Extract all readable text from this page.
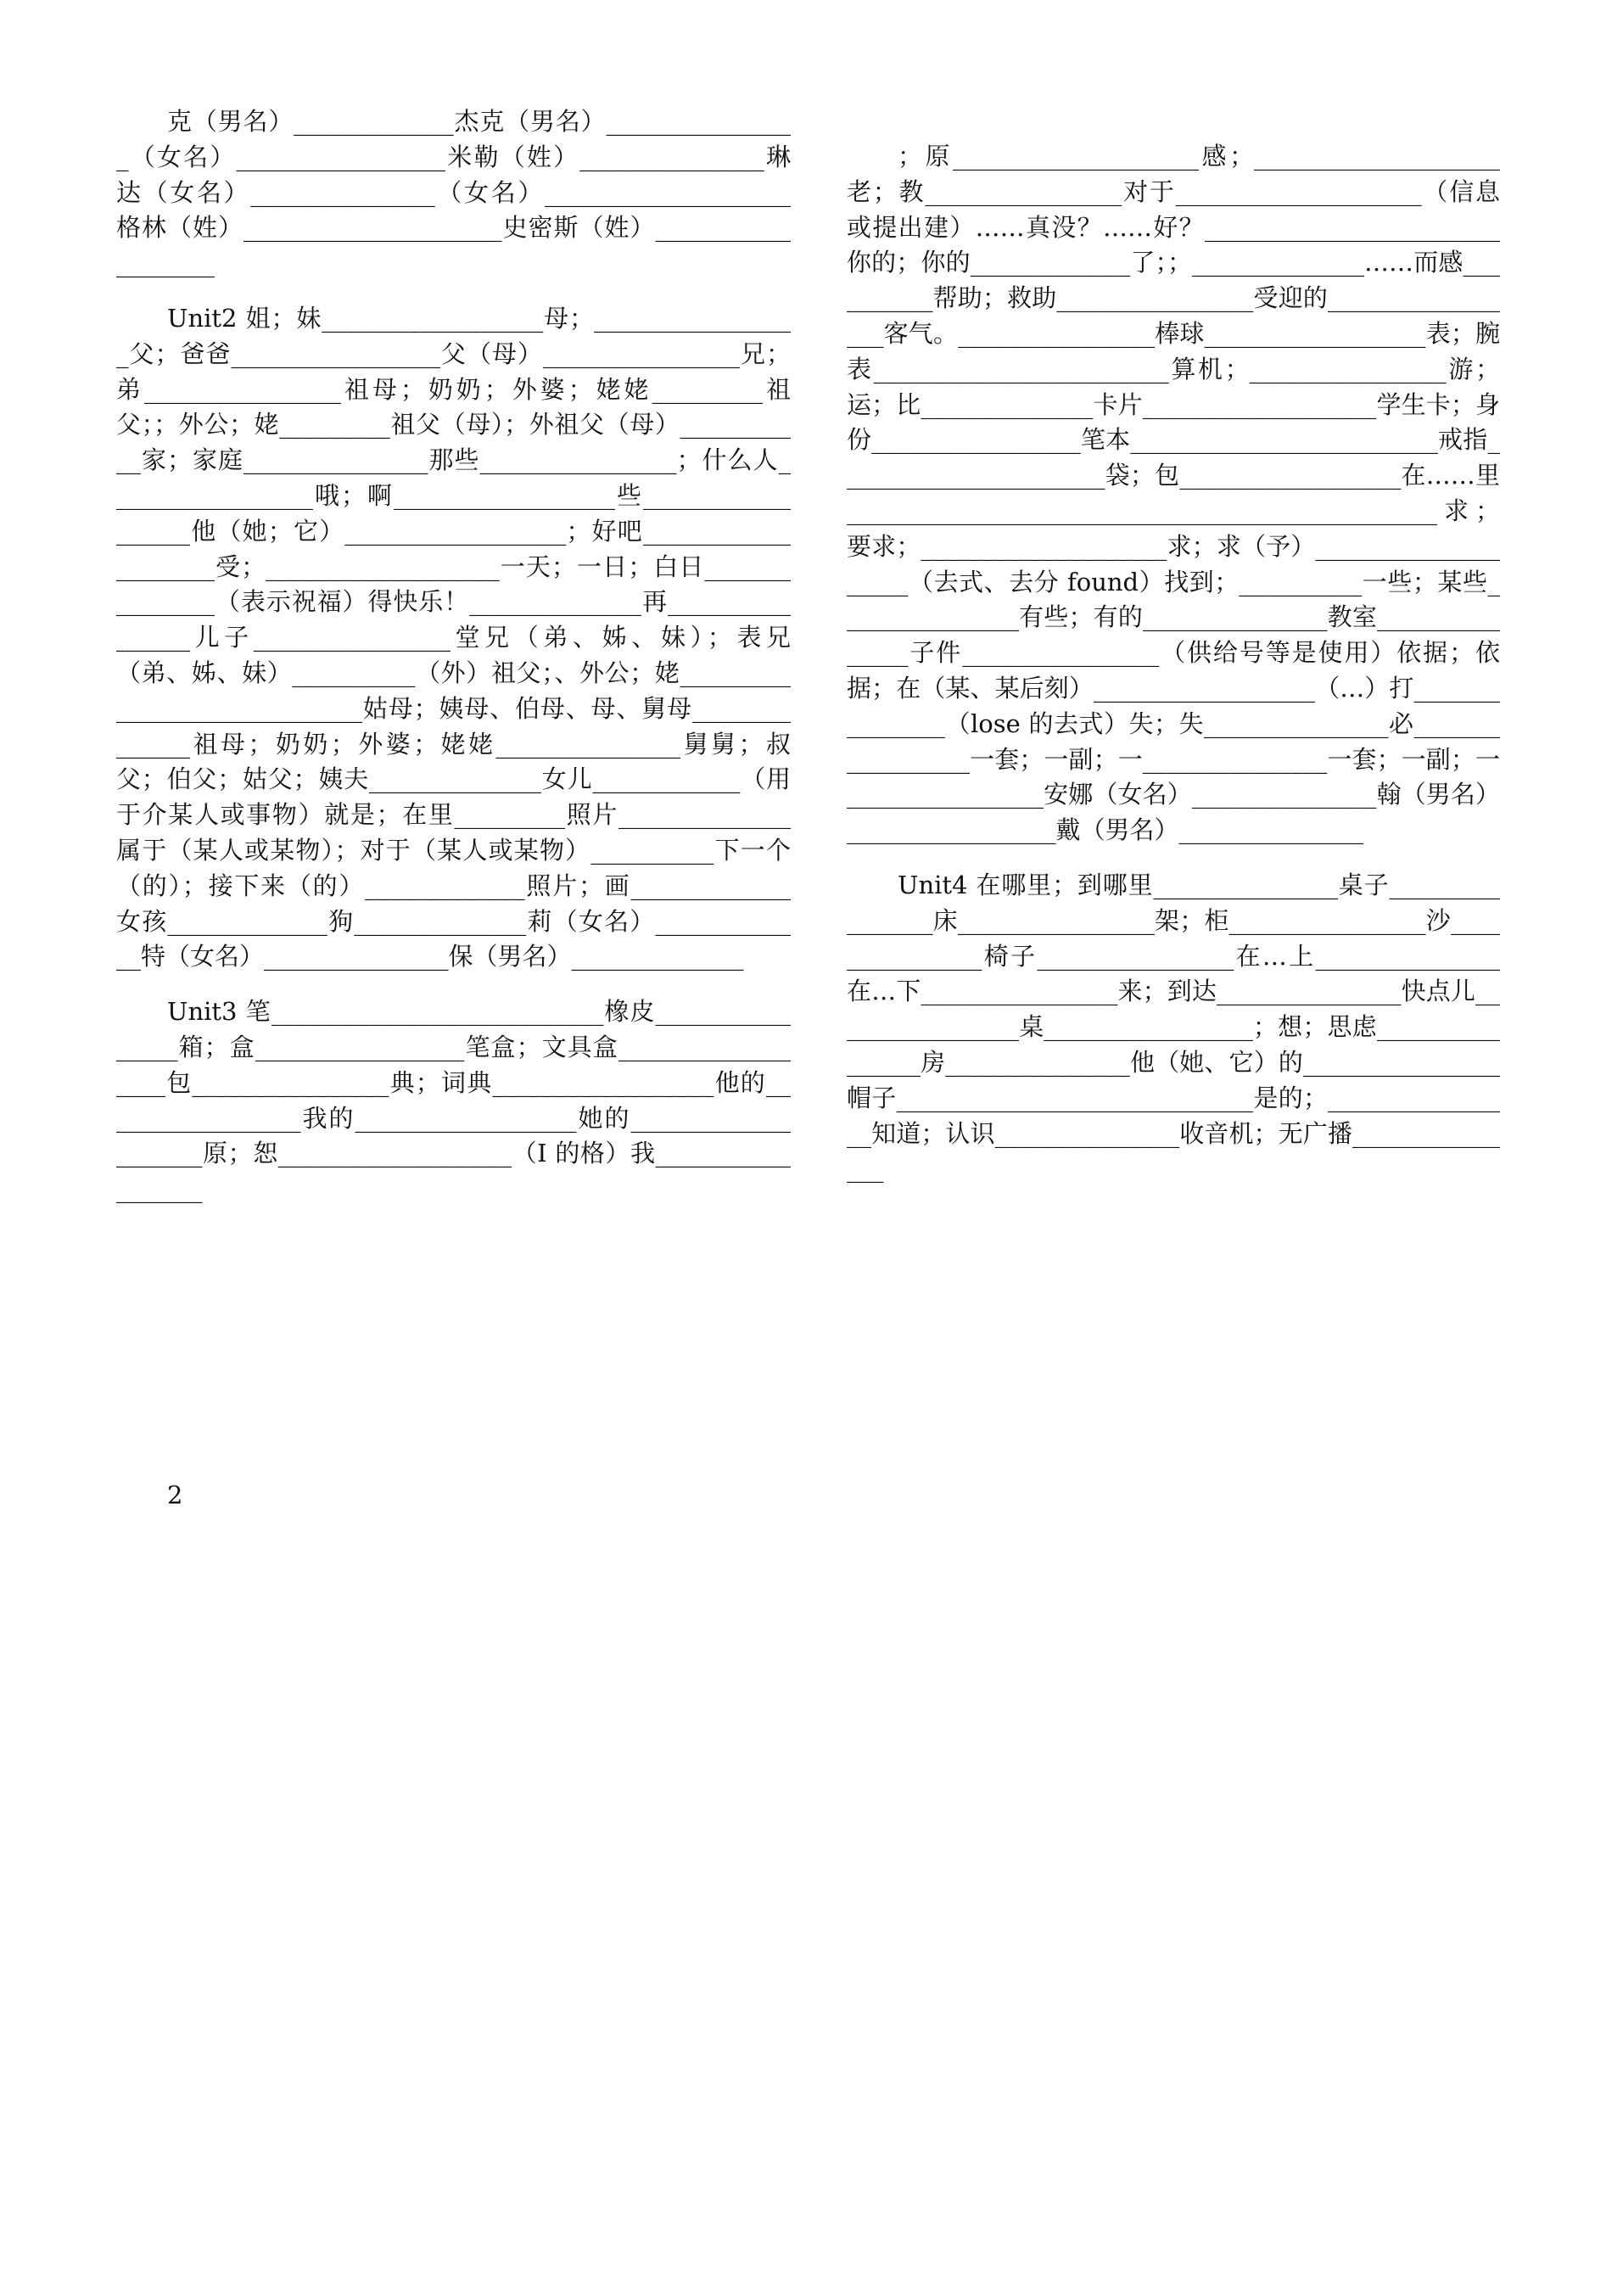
克（男名）_____________杰克（男名）________________（女名）_________________米勒（姓）_______________琳达（女名）_______________（女名）____________________格林（姓）_____________________史密斯（姓）___________________

Unit2 姐；妹__________________母；_________________父；爸爸_________________父（母）________________兄；弟________________祖母；奶奶；外婆；姥姥_________祖父；；外公；姥_________祖父（母）；外祖父（母）___________家；家庭_______________那些________________；什么人_________________哦；啊__________________些__________________他（她；它）__________________；好吧____________________受；___________________一天；一日；白日_______________（表示祝福）得快乐！______________再________________儿子________________堂兄（弟、姊、妹）；表兄（弟、姊、妹）__________（外）祖父；、外公；姥_____________________________姑母；姨母、伯母、母、舅母______________祖母；奶奶；外婆；姥姥_______________舅舅；叔父；伯父；姑父；姨夫______________女儿____________（用于介某人或事物）就是；在里_________照片______________属于（某人或某物）；对于（某人或某物）__________下一个（的）；接下来（的）_____________照片；画_____________女孩_____________狗______________莉（女名）_____________特（女名）_______________保（男名）______________

Unit3 笔___________________________橡皮________________箱；盒_________________笔盒；文具盒__________________包________________典；词典__________________他的_________________我的__________________她的____________________原；恕___________________（I 的格）我__________________

；原____________________感；____________________老；教________________对于____________________（信息或提出建）……真没？……好？________________________你的；你的_____________了；；______________……而感__________帮助；救助________________受迎的_________________客气。________________棒球__________________表；腕表________________________算机；________________游；运；比______________卡片___________________学生卡；身份_________________笔本_________________________戒指______________________袋；包__________________在……里________________________________________________求；要求；____________________求；求（予）____________________（去式、去分 found）找到；__________一些；某些_______________有些；有的_______________教室_______________子件________________（供给号等是使用）依据；依据；在（某、某后刻）__________________（…）打_______________（lose 的去式）失；失_______________必_________________一套；一副；一_______________一套；一副；一________________安娜（女名）_______________翰（男名）_________________戴（男名）_______________

Unit4 在哪里；到哪里_______________桌子________________床________________架；柜________________沙_______________椅子________________在…上_______________在…下________________来；到达_______________快点儿________________桌_________________；想；思虑________________房_______________他（她、它）的________________帽子_____________________________是的；________________知道；认识_______________收音机；无广播_______________

2
